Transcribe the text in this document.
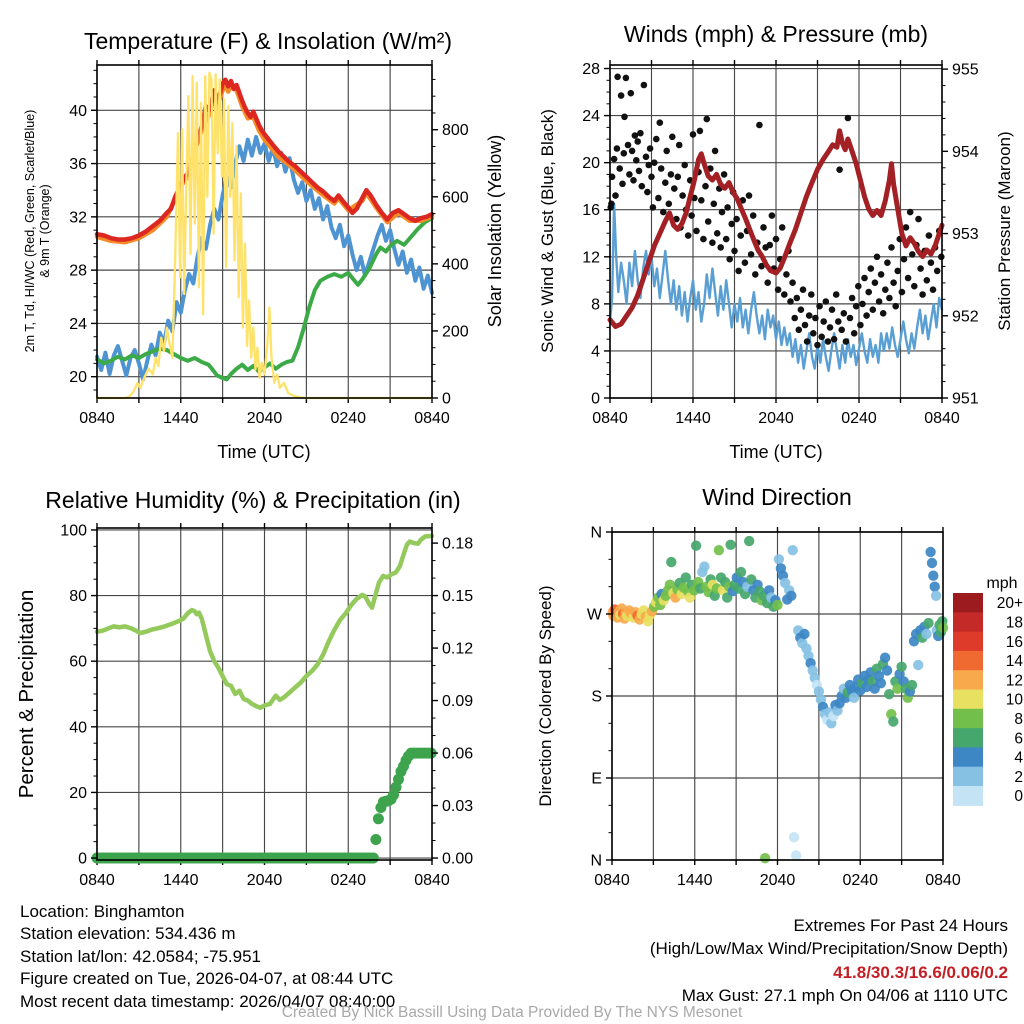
20
24
28
32
36
40
0
200
400
600
800
0840	1440	2040	0240	0840
0
4
8
12
16
20
24
28
951
952
953
954
955
0840	1440	2040	0240	0840
0
20
40
60
80
100
0.00
0.03
0.06
0.09
0.12
0.15
0.18
0840	1440	2040	0240	0840
N
W
S
E
N
0840	1440	2040	0240	0840
20+
18
16
14
12
10
8
6
4
2
0
Temperature (F) & Insolation (W/m²)
2m T, Td, HI/WC (Red, Green, Scarlet/Blue) & 9m T (Orange)	Solar Insolation (Yellow)
Time (UTC)
Winds (mph) & Pressure (mb)
Sonic Wind & Gust (Blue, Black)	Station Pressure (Maroon)
Time (UTC)
Relative Humidity (%) & Precipitation (in)
Percent & Precipitation
Wind Direction
Direction (Colored By Speed)
mph
Location: Binghamton
Station elevation: 534.436 m
Station lat/lon: 42.0584; -75.951
Figure created on Tue, 2026-04-07, at 08:44 UTC
Most recent data timestamp: 2026/04/07 08:40:00
Extremes For Past 24 Hours
(High/Low/Max Wind/Precipitation/Snow Depth)
41.8/30.3/16.6/0.06/0.2
Max Gust: 27.1 mph On 04/06 at 1110 UTC
Created By Nick Bassill Using Data Provided By The NYS Mesonet
